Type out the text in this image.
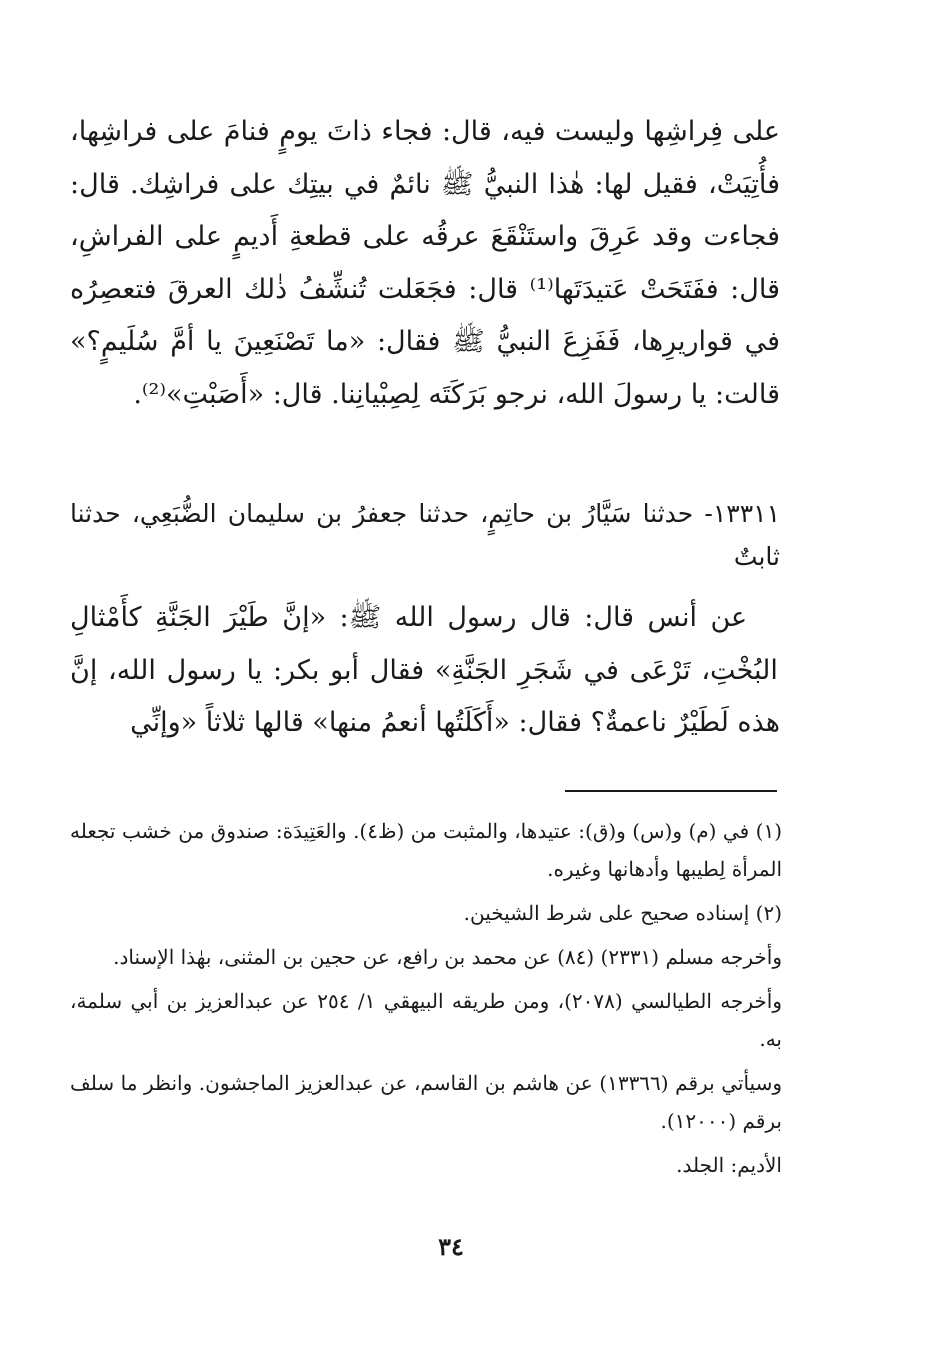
على فِراشِها وليست فيه، قال: فجاء ذاتَ يومٍ فنامَ على فراشِها، فأُتِيَتْ، فقيل لها: هٰذا النبيُّ ﷺ نائمٌ في بيتِك على فراشِك. قال: فجاءت وقد عَرِقَ واستَنْقَعَ عرقُه على قطعةِ أَديمٍ على الفراشِ، قال: ففَتَحَتْ عَتيدَتَها⁽¹⁾ قال: فجَعَلت تُنشِّفُ ذٰلك العرقَ فتعصِرُه في قواريرِها، فَفَزِعَ النبيُّ ﷺ فقال: «ما تَصْنَعِينَ يا أمَّ سُلَيمٍ؟» قالت: يا رسولَ الله، نرجو بَرَكَتَه لِصِبْيانِنا. قال: «أَصَبْتِ»⁽²⁾.

١٣٣١١- حدثنا سَيَّارُ بن حاتِمٍ، حدثنا جعفرُ بن سليمان الضُّبَعِي، حدثنا ثابتٌ

عن أنس قال: قال رسول الله ﷺ: «إنَّ طَيْرَ الجَنَّةِ كأَمْثالِ البُخْتِ، تَرْعَى في شَجَرِ الجَنَّةِ» فقال أبو بكر: يا رسول الله، إنَّ هذه لَطَيْرٌ ناعمةٌ؟ فقال: «أَكَلَتُها أنعمُ منها» قالها ثلاثاً «وإنِّي

(١) في (م) و(س) و(ق): عتيدها، والمثبت من (ظ٤). والعَتِيدَة: صندوق من خشب تجعله المرأة لِطيبها وأدهانها وغيره.

(٢) إسناده صحيح على شرط الشيخين.

وأخرجه مسلم (٢٣٣١) (٨٤) عن محمد بن رافع، عن حجين بن المثنى، بهٰذا الإسناد.

وأخرجه الطيالسي (٢٠٧٨)، ومن طريقه البيهقي ١/ ٢٥٤ عن عبدالعزيز بن أبي سلمة، به.

وسيأتي برقم (١٣٣٦٦) عن هاشم بن القاسم، عن عبدالعزيز الماجشون. وانظر ما سلف برقم (١٢٠٠٠).

الأديم: الجلد.

٣٤
